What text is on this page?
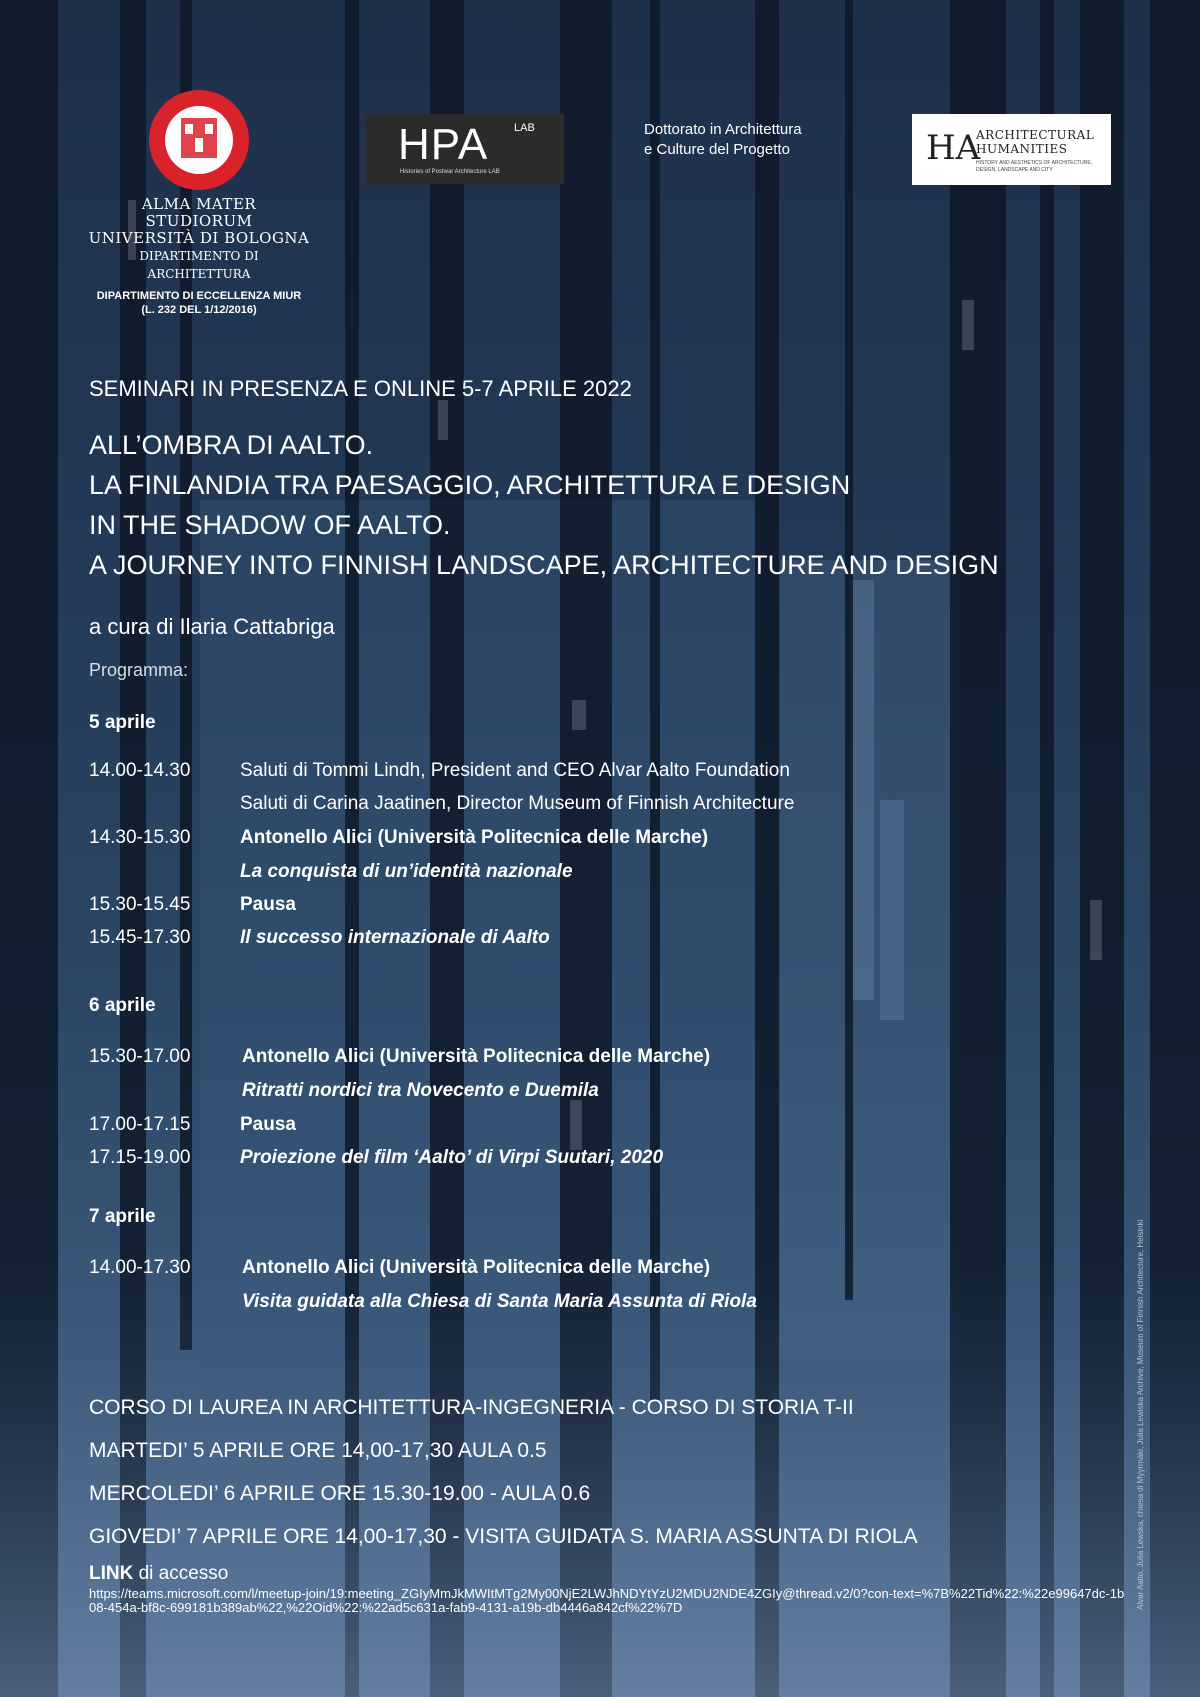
ALMA MATER STUDIORUM
UNIVERSITÀ DI BOLOGNA
DIPARTIMENTO DI ARCHITETTURA
DIPARTIMENTO DI ECCELLENZA MIUR
(L. 232 DEL 1/12/2016)
HPA LAB
Histories of Postwar Architecture LAB
Dottorato in Architettura
e Culture del Progetto	HA
ARCHITECTURAL
HUMANITIES
HISTORY AND AESTHETICS OF ARCHITECTURE,
DESIGN, LANDSCAPE AND CITY
SEMINARI IN PRESENZA E ONLINE 5-7 APRILE 2022
ALL’OMBRA DI AALTO.
LA FINLANDIA TRA PAESAGGIO, ARCHITETTURA E DESIGN
IN THE SHADOW OF AALTO.
A JOURNEY INTO FINNISH LANDSCAPE, ARCHITECTURE AND DESIGN
a cura di Ilaria Cattabriga
Programma:
5 aprile
14.00-14.30	Saluti di Tommi Lindh, President and CEO Alvar Aalto Foundation
Saluti di Carina Jaatinen, Director Museum of Finnish Architecture
14.30-15.30	Antonello Alici (Università Politecnica delle Marche)
La conquista di un’identità nazionale
15.30-15.45	Pausa
15.45-17.30	Il successo internazionale di Aalto
6 aprile
15.30-17.00	Antonello Alici (Università Politecnica delle Marche)
Ritratti nordici tra Novecento e Duemila
17.00-17.15	Pausa
17.15-19.00	Proiezione del film ‘Aalto’ di Virpi Suutari, 2020
7 aprile
14.00-17.30	Antonello Alici (Università Politecnica delle Marche)
Visita guidata alla Chiesa di Santa Maria Assunta di Riola
CORSO DI LAUREA IN ARCHITETTURA-INGEGNERIA - CORSO DI STORIA T-II
MARTEDI’ 5 APRILE ORE 14,00-17,30 AULA 0.5
MERCOLEDI’ 6 APRILE ORE 15.30-19.00 - AULA 0.6
GIOVEDI’ 7 APRILE ORE 14,00-17,30 - VISITA GUIDATA S. MARIA ASSUNTA DI RIOLA
LINK di accesso
https://teams.microsoft.com/l/meetup-join/19:meeting_ZGIyMmJkMWItMTg2My00NjE2LWJhNDYtYzU2MDU2NDE4ZGIy@thread.v2/0?con-text=%7B%22Tid%22:%22e99647dc-1b08-454a-bf8c-699181b389ab%22,%22Oid%22:%22ad5c631a-fab9-4131-a19b-db4446a842cf%22%7D	Alvar Aalto, Julia Lewska, chiesa di Myyrmäki, Julia Lewiska Archive, Museum of Finnish Architecture, Helsinki
